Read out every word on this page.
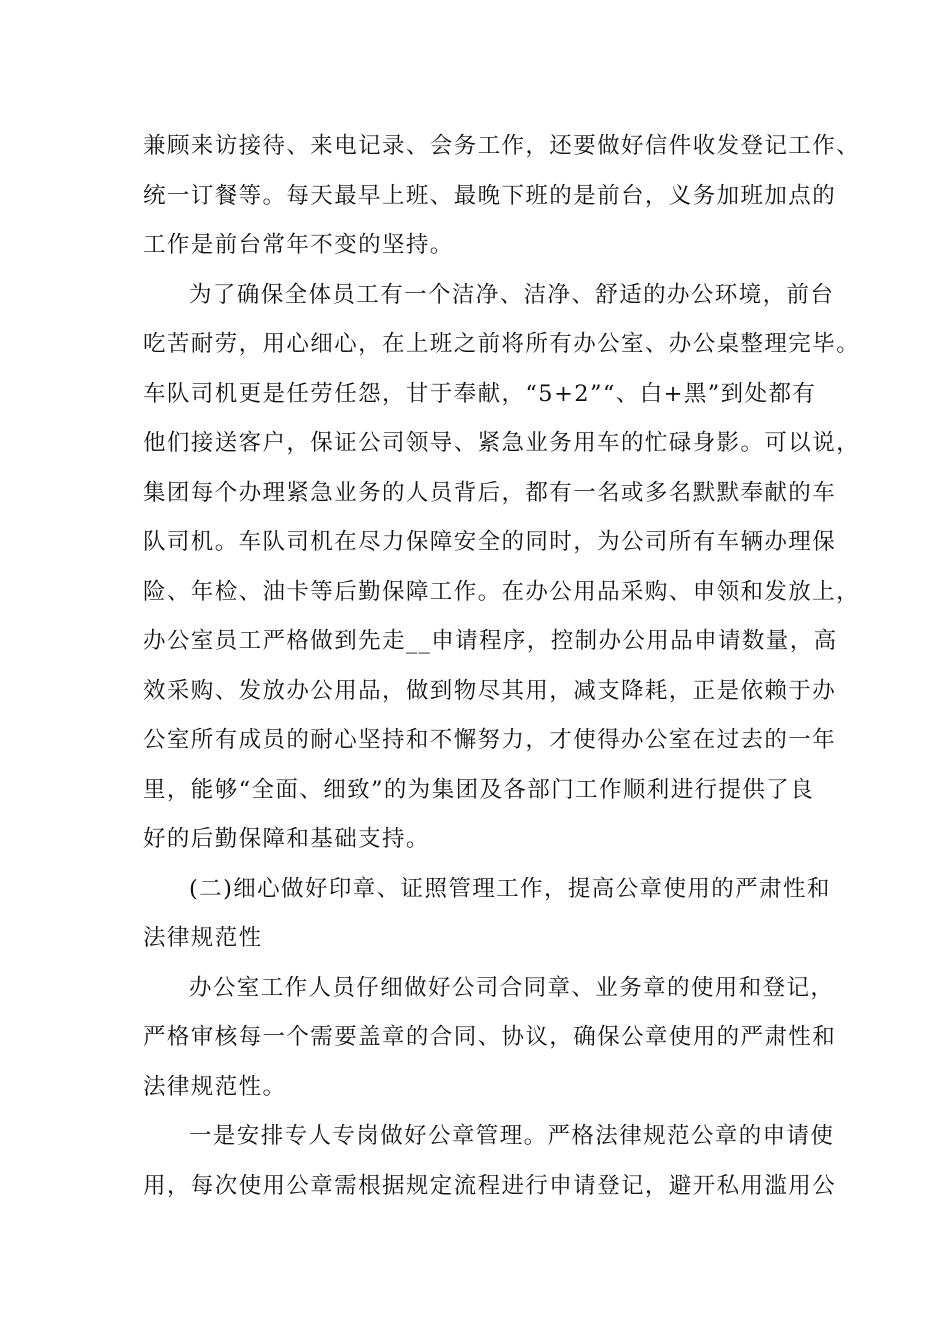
兼顾来访接待、来电记录、会务工作，还要做好信件收发登记工作、
统一订餐等。每天最早上班、最晚下班的是前台，义务加班加点的
工作是前台常年不变的坚持。
为了确保全体员工有一个洁净、洁净、舒适的办公环境，前台
吃苦耐劳，用心细心，在上班之前将所有办公室、办公桌整理完毕。
车队司机更是任劳任怨，甘于奉献，“5+2”“、白+黑”到处都有
他们接送客户，保证公司领导、紧急业务用车的忙碌身影。可以说，
集团每个办理紧急业务的人员背后，都有一名或多名默默奉献的车
队司机。车队司机在尽力保障安全的同时，为公司所有车辆办理保
险、年检、油卡等后勤保障工作。在办公用品采购、申领和发放上，
办公室员工严格做到先走__申请程序，控制办公用品申请数量，高
效采购、发放办公用品，做到物尽其用，减支降耗，正是依赖于办
公室所有成员的耐心坚持和不懈努力，才使得办公室在过去的一年
里，能够“全面、细致”的为集团及各部门工作顺利进行提供了良
好的后勤保障和基础支持。
(二)细心做好印章、证照管理工作，提高公章使用的严肃性和
法律规范性
办公室工作人员仔细做好公司合同章、业务章的使用和登记，
严格审核每一个需要盖章的合同、协议，确保公章使用的严肃性和
法律规范性。
一是安排专人专岗做好公章管理。严格法律规范公章的申请使
用，每次使用公章需根据规定流程进行申请登记，避开私用滥用公
